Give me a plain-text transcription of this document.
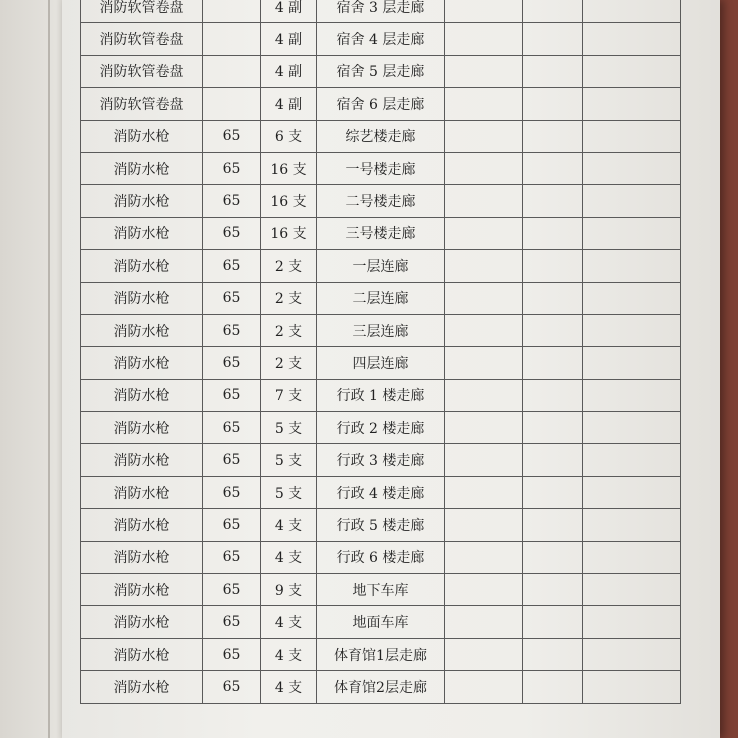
消防软管卷盘		4 副	宿舍 3 层走廊			
消防软管卷盘		4 副	宿舍 4 层走廊			
消防软管卷盘		4 副	宿舍 5 层走廊			
消防软管卷盘		4 副	宿舍 6 层走廊			
消防水枪	65	6 支	综艺楼走廊			
消防水枪	65	16 支	一号楼走廊			
消防水枪	65	16 支	二号楼走廊			
消防水枪	65	16 支	三号楼走廊			
消防水枪	65	2 支	一层连廊			
消防水枪	65	2 支	二层连廊			
消防水枪	65	2 支	三层连廊			
消防水枪	65	2 支	四层连廊			
消防水枪	65	7 支	行政 1 楼走廊			
消防水枪	65	5 支	行政 2 楼走廊			
消防水枪	65	5 支	行政 3 楼走廊			
消防水枪	65	5 支	行政 4 楼走廊			
消防水枪	65	4 支	行政 5 楼走廊			
消防水枪	65	4 支	行政 6 楼走廊			
消防水枪	65	9 支	地下车库			
消防水枪	65	4 支	地面车库			
消防水枪	65	4 支	体育馆1层走廊			
消防水枪	65	4 支	体育馆2层走廊			
